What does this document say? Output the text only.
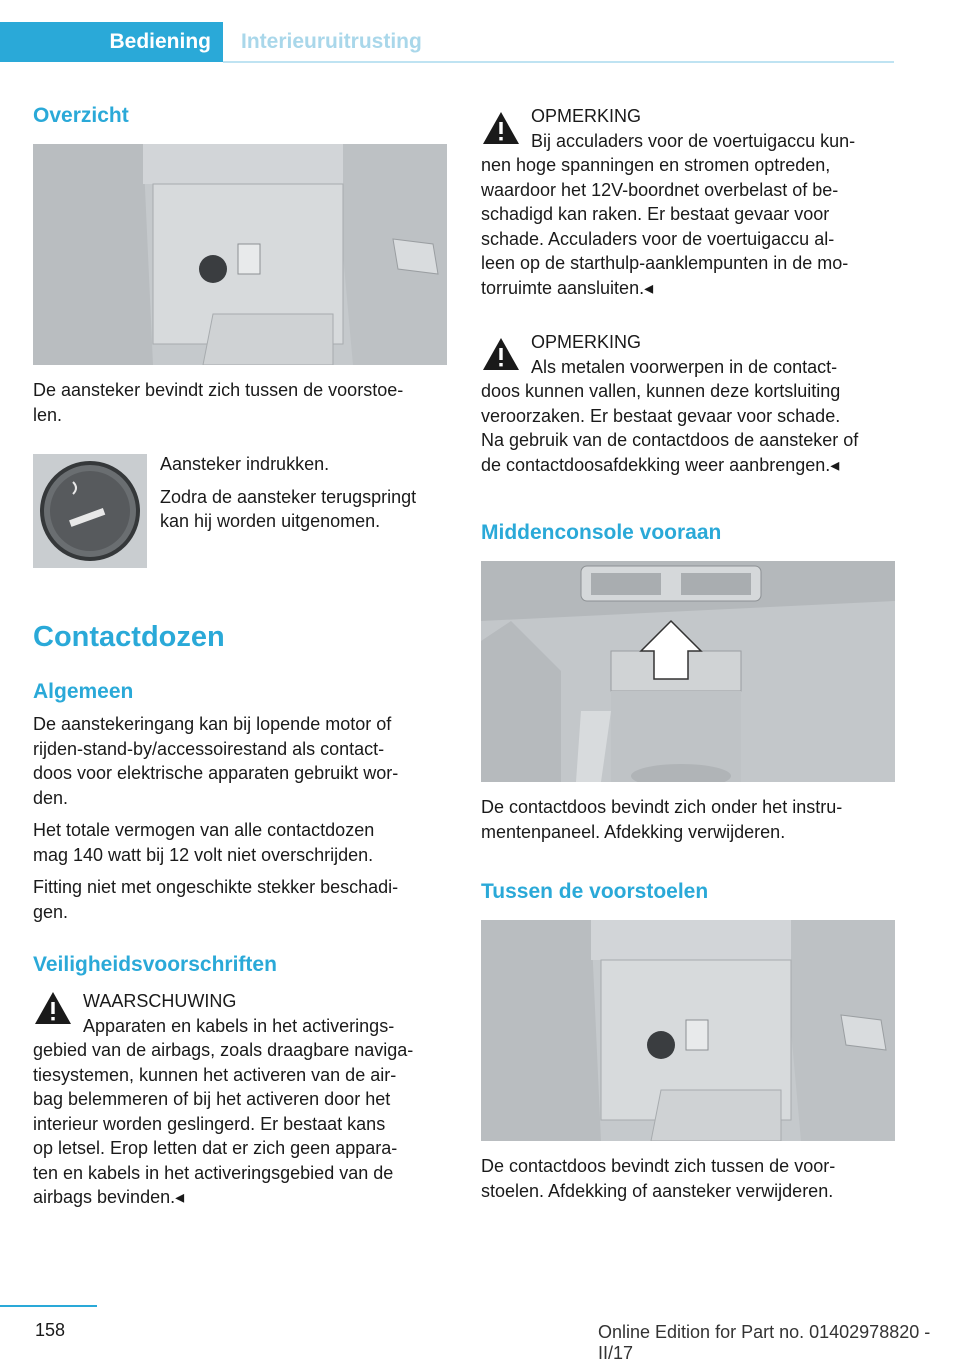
Bediening	Interieuruitrusting
Overzicht
De aansteker bevindt zich tussen de voorstoe‐
len.
Aansteker indrukken.
Zodra de aansteker terugspringt
kan hij worden uitgenomen.
Contactdozen
Algemeen
De aanstekeringang kan bij lopende motor of
rijden-stand-by/accessoirestand als contact‐
doos voor elektrische apparaten gebruikt wor‐
den.
Het totale vermogen van alle contactdozen
mag 140 watt bij 12 volt niet overschrijden.
Fitting niet met ongeschikte stekker beschadi‐
gen.
Veiligheidsvoorschriften
WAARSCHUWING
Apparaten en kabels in het activerings‐
gebied van de airbags, zoals draagbare naviga‐
tiesystemen, kunnen het activeren van de air‐
bag belemmeren of bij het activeren door het
interieur worden geslingerd. Er bestaat kans
op letsel. Erop letten dat er zich geen appara‐
ten en kabels in het activeringsgebied van de
airbags bevinden.◂
OPMERKING
Bij acculaders voor de voertuigaccu kun‐
nen hoge spanningen en stromen optreden,
waardoor het 12V-boordnet overbelast of be‐
schadigd kan raken. Er bestaat gevaar voor
schade. Acculaders voor de voertuigaccu al‐
leen op de starthulp-aanklempunten in de mo‐
torruimte aansluiten.◂
OPMERKING
Als metalen voorwerpen in de contact‐
doos kunnen vallen, kunnen deze kortsluiting
veroorzaken. Er bestaat gevaar voor schade.
Na gebruik van de contactdoos de aansteker of
de contactdoosafdekking weer aanbrengen.◂
Middenconsole vooraan
De contactdoos bevindt zich onder het instru‐
mentenpaneel. Afdekking verwijderen.
Tussen de voorstoelen
De contactdoos bevindt zich tussen de voor‐
stoelen. Afdekking of aansteker verwijderen.
158	Online Edition for Part no. 01402978820 - II/17
